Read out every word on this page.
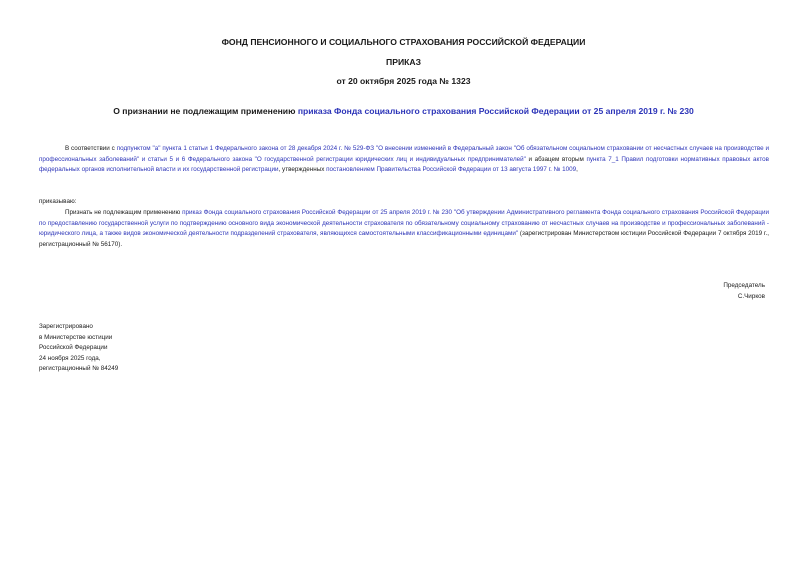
ФОНД ПЕНСИОННОГО И СОЦИАЛЬНОГО СТРАХОВАНИЯ РОССИЙСКОЙ ФЕДЕРАЦИИ
ПРИКАЗ
от 20 октября 2025 года № 1323
О признании не подлежащим применению приказа Фонда социального страхования Российской Федерации от 25 апреля 2019 г. № 230
В соответствии с подпунктом "а" пункта 1 статьи 1 Федерального закона от 28 декабря 2024 г. № 529-ФЗ "О внесении изменений в Федеральный закон "Об обязательном социальном страховании от несчастных случаев на производстве и профессиональных заболеваний" и статьи 5 и 6 Федерального закона "О государственной регистрации юридических лиц и индивидуальных предпринимателей" и абзацем вторым пункта 7_1 Правил подготовки нормативных правовых актов федеральных органов исполнительной власти и их государственной регистрации, утвержденных постановлением Правительства Российской Федерации от 13 августа 1997 г. № 1009,
приказываю:
Признать не подлежащим применению приказ Фонда социального страхования Российской Федерации от 25 апреля 2019 г. № 230 "Об утверждении Административного регламента Фонда социального страхования Российской Федерации по предоставлению государственной услуги по подтверждению основного вида экономической деятельности страхователя по обязательному социальному страхованию от несчастных случаев на производстве и профессиональных заболеваний - юридического лица, а также видов экономической деятельности подразделений страхователя, являющихся самостоятельными классификационными единицами" (зарегистрирован Министерством юстиции Российской Федерации 7 октября 2019 г., регистрационный № 56170).
Председатель
С.Чирков
Зарегистрировано
в Министерстве юстиции
Российской Федерации
24 ноября 2025 года,
регистрационный № 84249
